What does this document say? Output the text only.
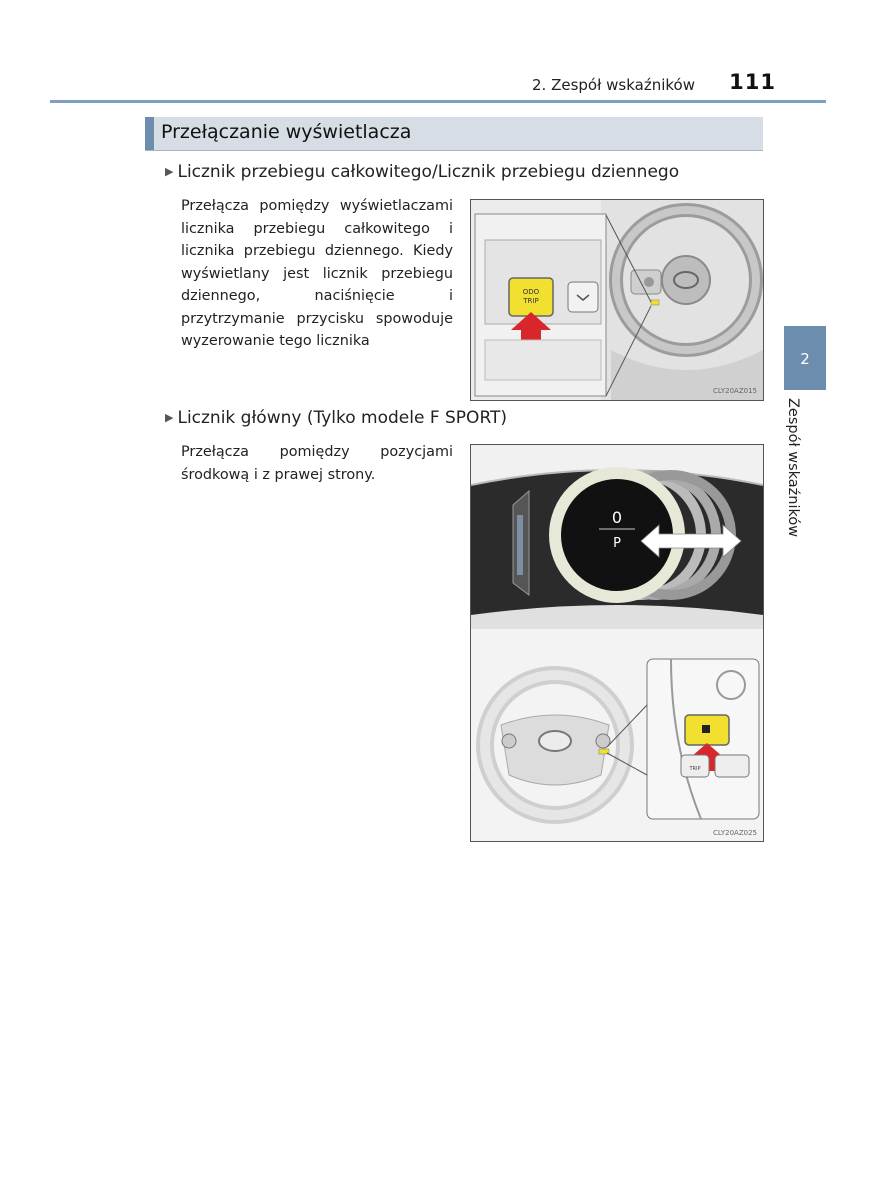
2. Zespół wskaźników	111
Przełączanie wyświetlacza
▶ Licznik przebiegu całkowitego/Licznik przebiegu dziennego
Przełącza pomiędzy wyświetlaczami licznika przebiegu całkowitego i licznika przebiegu dziennego. Kiedy wyświetlany jest licznik przebiegu dziennego, naciśnięcie i przytrzymanie przycisku spowoduje wyzerowanie tego licznika
ODO
TRIP
CLY20AZ015
▶ Licznik główny (Tylko modele F SPORT)
Przełącza pomiędzy pozycjami środkową i z prawej strony.
0
P
TRIP
CLY20AZ025
2
Zespół wskaźników
